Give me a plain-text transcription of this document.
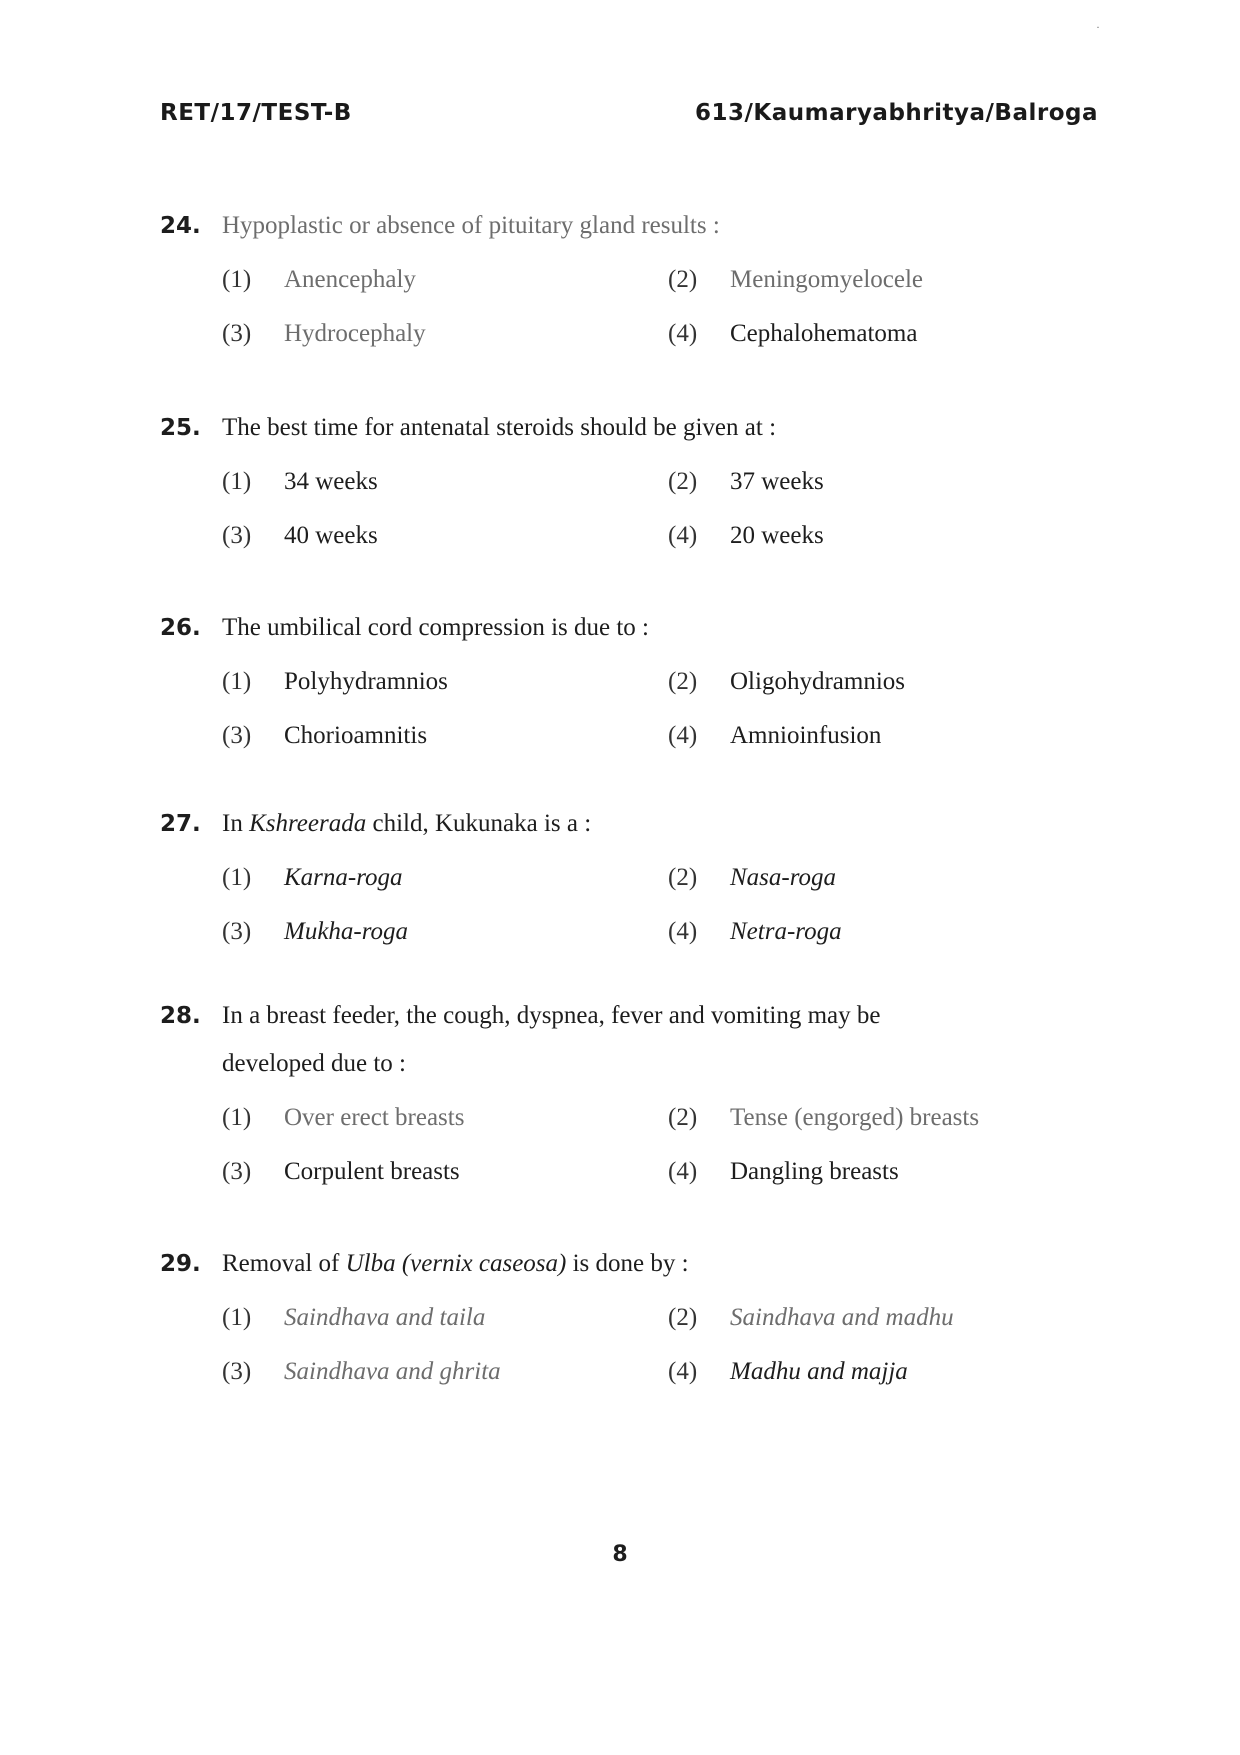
RET/17/TEST-B	613/Kaumaryabhritya/Balroga
·
24. Hypoplastic or absence of pituitary gland results :
(1)	Anencephaly	(2)	Meningomyelocele
(3)	Hydrocephaly	(4)	Cephalohematoma
25. The best time for antenatal steroids should be given at :
(1)	34 weeks	(2)	37 weeks
(3)	40 weeks	(4)	20 weeks
26. The umbilical cord compression is due to :
(1)	Polyhydramnios	(2)	Oligohydramnios
(3)	Chorioamnitis	(4)	Amnioinfusion
27. In Kshreerada child, Kukunaka is a :
(1)	Karna-roga	(2)	Nasa-roga
(3)	Mukha-roga	(4)	Netra-roga
28. In a breast feeder, the cough, dyspnea, fever and vomiting may be
developed due to :
(1)	Over erect breasts	(2)	Tense (engorged) breasts
(3)	Corpulent breasts	(4)	Dangling breasts
29. Removal of Ulba (vernix caseosa) is done by :
(1)	Saindhava and taila	(2)	Saindhava and madhu
(3)	Saindhava and ghrita	(4)	Madhu and majja
8
